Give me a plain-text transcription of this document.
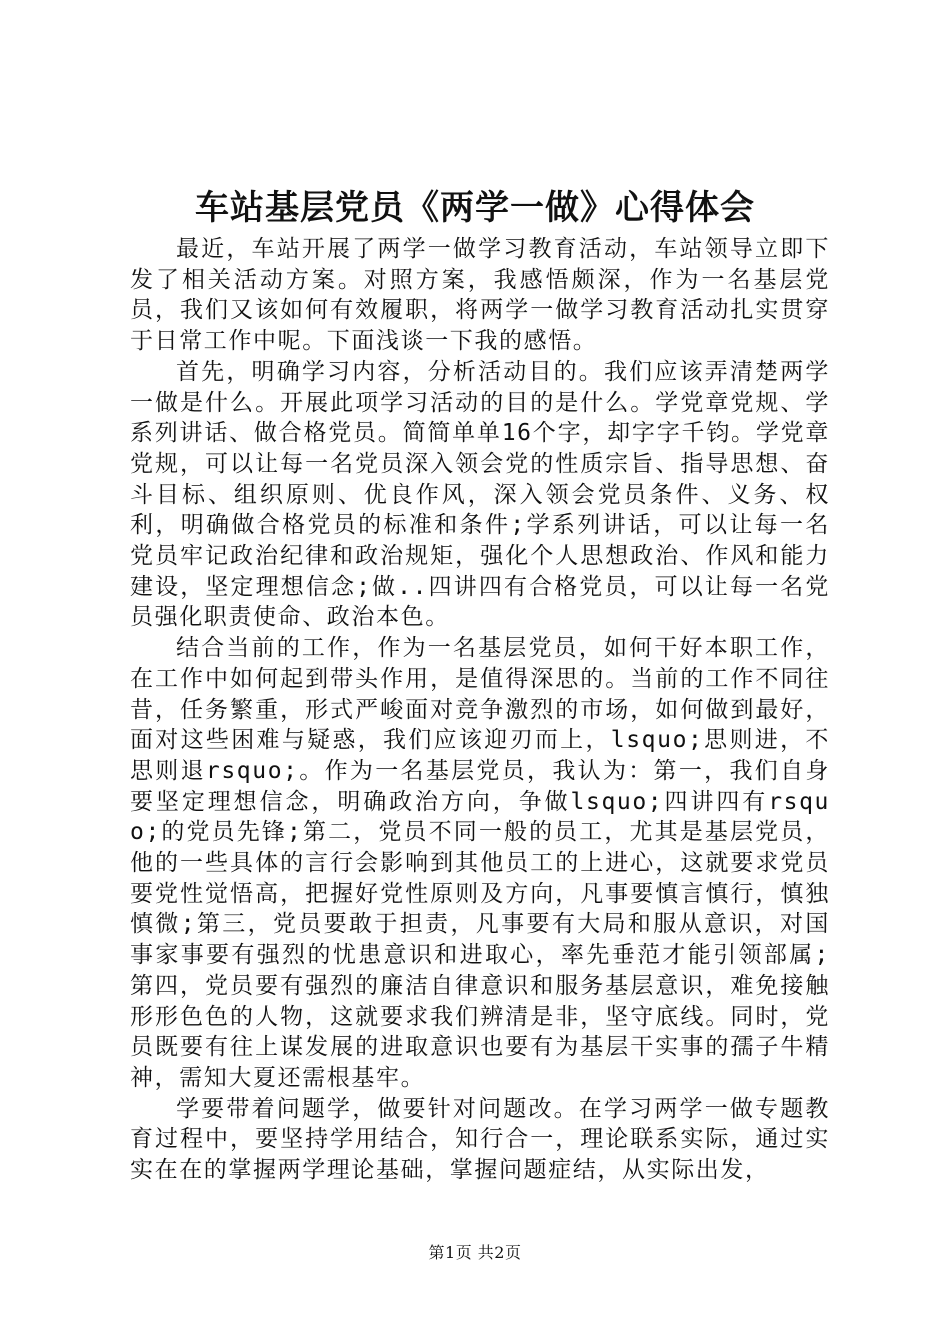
车站基层党员《两学一做》心得体会

最近，车站开展了两学一做学习教育活动，车站领导立即下发了相关活动方案。对照方案，我感悟颇深，作为一名基层党员，我们又该如何有效履职，将两学一做学习教育活动扎实贯穿于日常工作中呢。下面浅谈一下我的感悟。

首先，明确学习内容，分析活动目的。我们应该弄清楚两学一做是什么。开展此项学习活动的目的是什么。学党章党规、学系列讲话、做合格党员。简简单单16个字，却字字千钧。学党章党规，可以让每一名党员深入领会党的性质宗旨、指导思想、奋斗目标、组织原则、优良作风，深入领会党员条件、义务、权利，明确做合格党员的标准和条件;学系列讲话，可以让每一名党员牢记政治纪律和政治规矩，强化个人思想政治、作风和能力建设，坚定理想信念;做..四讲四有合格党员，可以让每一名党员强化职责使命、政治本色。

结合当前的工作，作为一名基层党员，如何干好本职工作，在工作中如何起到带头作用，是值得深思的。当前的工作不同往昔，任务繁重，形式严峻面对竞争激烈的市场，如何做到最好，面对这些困难与疑惑，我们应该迎刃而上，lsquo;思则进，不思则退rsquo;。作为一名基层党员，我认为：第一，我们自身要坚定理想信念，明确政治方向，争做lsquo;四讲四有rsquo;的党员先锋;第二，党员不同一般的员工，尤其是基层党员，他的一些具体的言行会影响到其他员工的上进心，这就要求党员要党性觉悟高，把握好党性原则及方向，凡事要慎言慎行，慎独慎微;第三，党员要敢于担责，凡事要有大局和服从意识，对国事家事要有强烈的忧患意识和进取心，率先垂范才能引领部属;第四，党员要有强烈的廉洁自律意识和服务基层意识，难免接触形形色色的人物，这就要求我们辨清是非，坚守底线。同时，党员既要有往上谋发展的进取意识也要有为基层干实事的孺子牛精神，需知大夏还需根基牢。

学要带着问题学，做要针对问题改。在学习两学一做专题教育过程中，要坚持学用结合，知行合一，理论联系实际，通过实实在在的掌握两学理论基础，掌握问题症结，从实际出发，

第1页 共2页
